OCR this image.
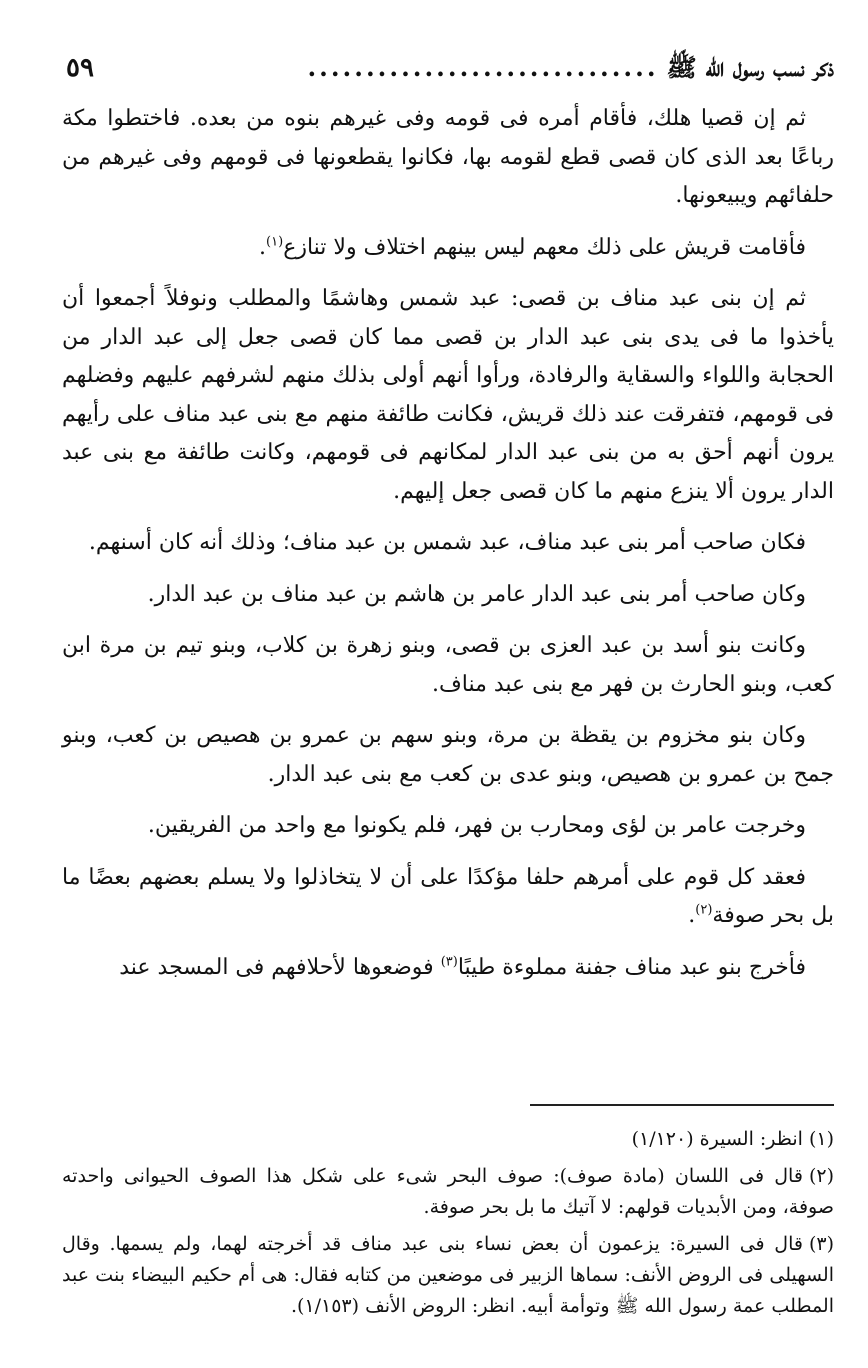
ذكر نسب رسول الله ﷺ
..............................
٥٩

ثم إن قصيا هلك، فأقام أمره فى قومه وفى غيرهم بنوه من بعده. فاختطوا مكة رباعًا بعد الذى كان قصى قطع لقومه بها، فكانوا يقطعونها فى قومهم وفى غيرهم من حلفائهم ويبيعونها.

فأقامت قريش على ذلك معهم ليس بينهم اختلاف ولا تنازع$^{(١)}$.

ثم إن بنى عبد مناف بن قصى: عبد شمس وهاشمًا والمطلب ونوفلاً أجمعوا أن يأخذوا ما فى يدى بنى عبد الدار بن قصى مما كان قصى جعل إلى عبد الدار من الحجابة واللواء والسقاية والرفادة، ورأوا أنهم أولى بذلك منهم لشرفهم عليهم وفضلهم فى قومهم، فتفرقت عند ذلك قريش، فكانت طائفة منهم مع بنى عبد مناف على رأيهم يرون أنهم أحق به من بنى عبد الدار لمكانهم فى قومهم، وكانت طائفة مع بنى عبد الدار يرون ألا ينزع منهم ما كان قصى جعل إليهم.

فكان صاحب أمر بنى عبد مناف، عبد شمس بن عبد مناف؛ وذلك أنه كان أسنهم.

وكان صاحب أمر بنى عبد الدار عامر بن هاشم بن عبد مناف بن عبد الدار.

وكانت بنو أسد بن عبد العزى بن قصى، وبنو زهرة بن كلاب، وبنو تيم بن مرة ابن كعب، وبنو الحارث بن فهر مع بنى عبد مناف.

وكان بنو مخزوم بن يقظة بن مرة، وبنو سهم بن عمرو بن هصيص بن كعب، وبنو جمح بن عمرو بن هصيص، وبنو عدى بن كعب مع بنى عبد الدار.

وخرجت عامر بن لؤى ومحارب بن فهر، فلم يكونوا مع واحد من الفريقين.

فعقد كل قوم على أمرهم حلفا مؤكدًا على أن لا يتخاذلوا ولا يسلم بعضهم بعضًا ما بل بحر صوفة$^{(٢)}$.

فأخرج بنو عبد مناف جفنة مملوءة طيبًا$^{(٣)}$ فوضعوها لأحلافهم فى المسجد عند

(١)انظر: السيرة (١/١٢٠)

(٢)قال فى اللسان (مادة صوف): صوف البحر شىء على شكل هذا الصوف الحيوانى واحدته صوفة، ومن الأبديات قولهم: لا آتيك ما بل بحر صوفة.

(٣)قال فى السيرة: يزعمون أن بعض نساء بنى عبد مناف قد أخرجته لهما، ولم يسمها. وقال السهيلى فى الروض الأنف: سماها الزبير فى موضعين من كتابه فقال: هى أم حكيم البيضاء بنت عبد المطلب عمة رسول الله ﷺ وتوأمة أبيه. انظر: الروض الأنف (١/١٥٣).
